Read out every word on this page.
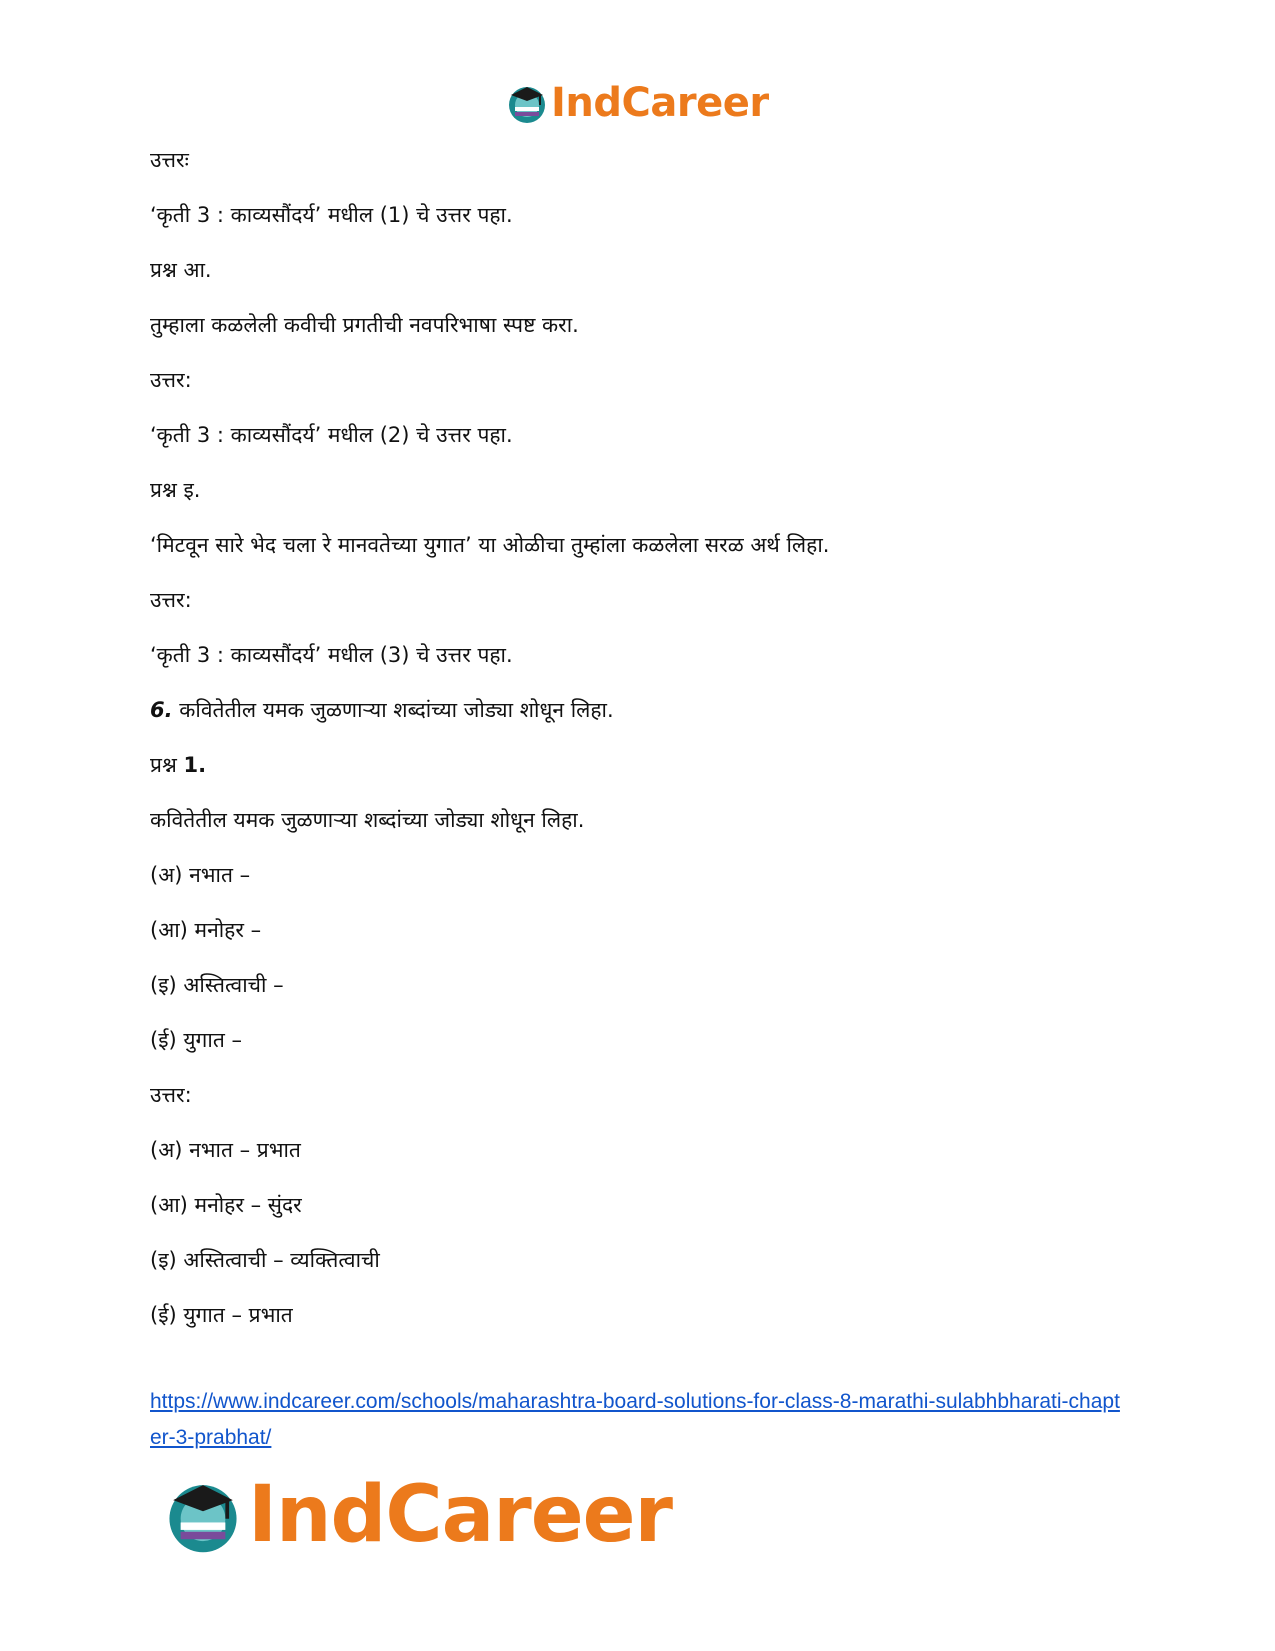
IndCareer
उत्तरः
‘कृती 3 : काव्यसौंदर्य’ मधील (1) चे उत्तर पहा.
प्रश्न आ.
तुम्हाला कळलेली कवीची प्रगतीची नवपरिभाषा स्पष्ट करा.
उत्तर:
‘कृती 3 : काव्यसौंदर्य’ मधील (2) चे उत्तर पहा.
प्रश्न इ.
‘मिटवून सारे भेद चला रे मानवतेच्या युगात’ या ओळीचा तुम्हांला कळलेला सरळ अर्थ लिहा.
उत्तर:
‘कृती 3 : काव्यसौंदर्य’ मधील (3) चे उत्तर पहा.
6. कवितेतील यमक जुळणाऱ्या शब्दांच्या जोड्या शोधून लिहा.
प्रश्न 1.
कवितेतील यमक जुळणाऱ्या शब्दांच्या जोड्या शोधून लिहा.
(अ) नभात –
(आ) मनोहर –
(इ) अस्तित्वाची –
(ई) युगात –
उत्तर:
(अ) नभात – प्रभात
(आ) मनोहर – सुंदर
(इ) अस्तित्वाची – व्यक्तित्वाची
(ई) युगात – प्रभात
https://www.indcareer.com/schools/maharashtra-board-solutions-for-class-8-marathi-sulabhbharati-chapter-3-prabhat/
IndCareer
